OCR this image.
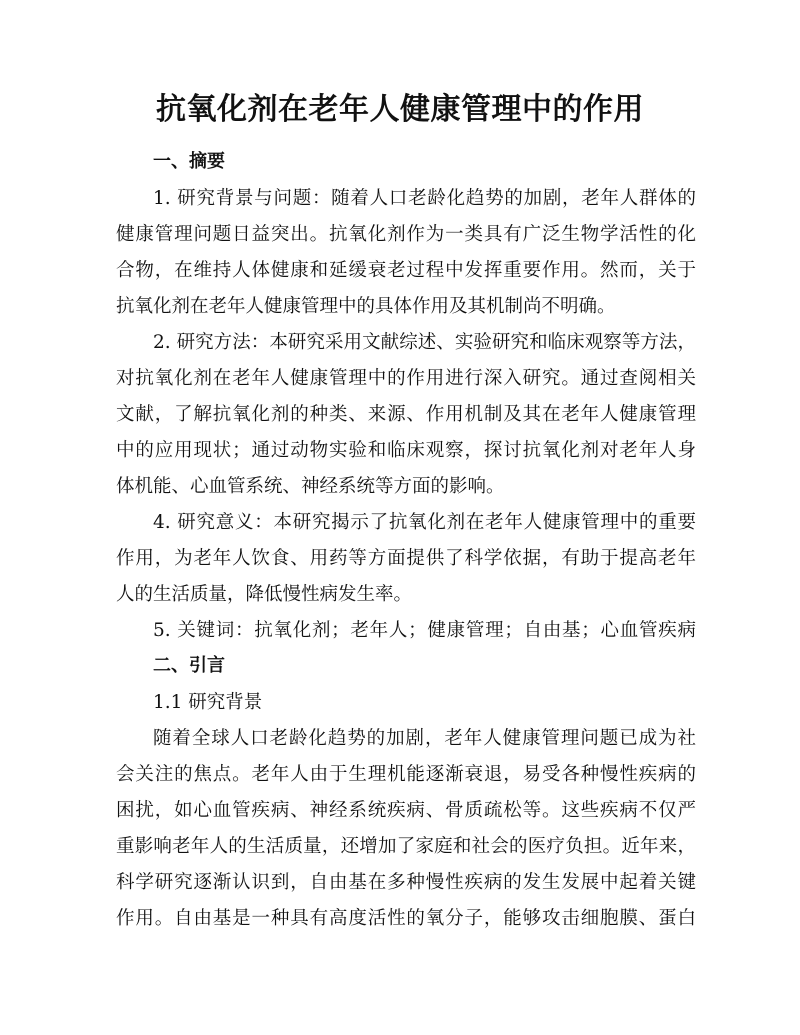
抗氧化剂在老年人健康管理中的作用
一、摘要
1. 研究背景与问题：随着人口老龄化趋势的加剧，老年人群体的
健康管理问题日益突出。抗氧化剂作为一类具有广泛生物学活性的化
合物，在维持人体健康和延缓衰老过程中发挥重要作用。然而，关于
抗氧化剂在老年人健康管理中的具体作用及其机制尚不明确。
2. 研究方法：本研究采用文献综述、实验研究和临床观察等方法，
对抗氧化剂在老年人健康管理中的作用进行深入研究。通过查阅相关
文献，了解抗氧化剂的种类、来源、作用机制及其在老年人健康管理
中的应用现状；通过动物实验和临床观察，探讨抗氧化剂对老年人身
体机能、心血管系统、神经系统等方面的影响。
4. 研究意义：本研究揭示了抗氧化剂在老年人健康管理中的重要
作用，为老年人饮食、用药等方面提供了科学依据，有助于提高老年
人的生活质量，降低慢性病发生率。
5. 关键词：抗氧化剂；老年人；健康管理；自由基；心血管疾病
二、引言
1.1 研究背景
随着全球人口老龄化趋势的加剧，老年人健康管理问题已成为社
会关注的焦点。老年人由于生理机能逐渐衰退，易受各种慢性疾病的
困扰，如心血管疾病、神经系统疾病、骨质疏松等。这些疾病不仅严
重影响老年人的生活质量，还增加了家庭和社会的医疗负担。近年来，
科学研究逐渐认识到，自由基在多种慢性疾病的发生发展中起着关键
作用。自由基是一种具有高度活性的氧分子，能够攻击细胞膜、蛋白
